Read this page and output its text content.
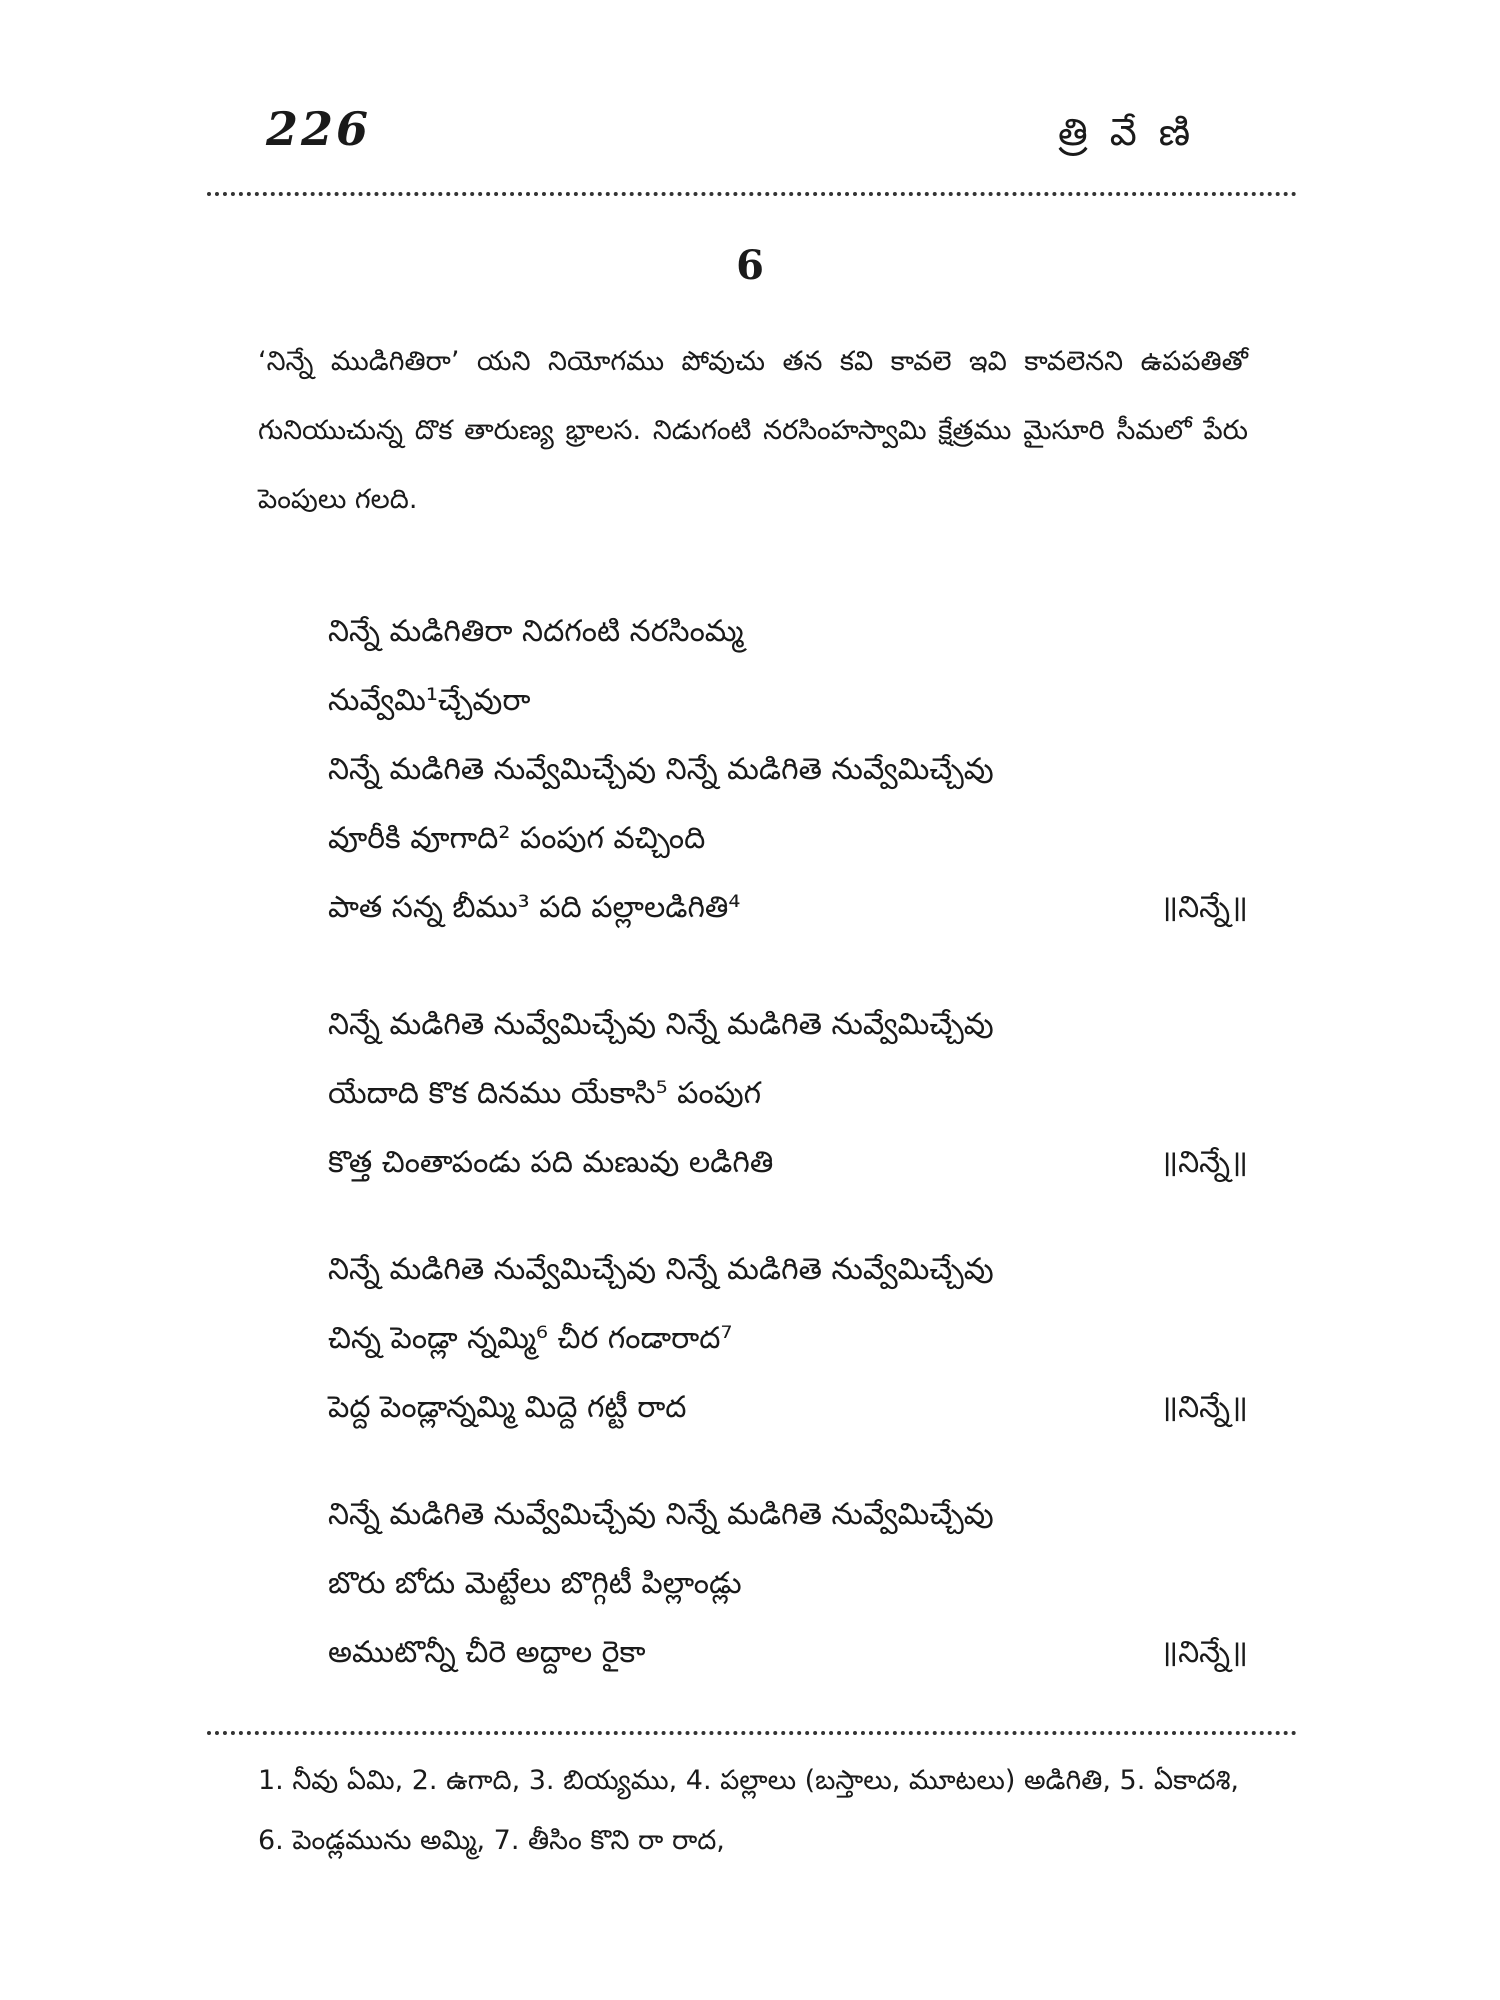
226	త్రివేణి
6

‘నిన్నే ముడిగితిరా’ యని నియోగము పోవుచు తన కవి కావలె ఇవి కావలెనని ఉపపతితో గునియుచున్న దొక తారుణ్య భ్రాలస. నిడుగంటి నరసింహస్వామి క్షేత్రము మైసూరి సీమలో పేరు పెంపులు గలది.

నిన్నే మడిగితిరా నిదగంటి నరసింమ్మ
నువ్వేమి¹చ్చేవురా
నిన్నే మడిగితె నువ్వేమిచ్చేవు నిన్నే మడిగితె నువ్వేమిచ్చేవు
వూరీకి వూగాది² పంపుగ వచ్చింది
పాత సన్న బీము³ పది పల్లాలడిగితి⁴	॥నిన్నే॥
నిన్నే మడిగితె నువ్వేమిచ్చేవు నిన్నే మడిగితె నువ్వేమిచ్చేవు
యేదాది కొక దినము యేకాసి⁵ పంపుగ
కొత్త చింతాపండు పది మణువు లడిగితి	॥నిన్నే॥
నిన్నే మడిగితె నువ్వేమిచ్చేవు నిన్నే మడిగితె నువ్వేమిచ్చేవు
చిన్న పెండ్లా న్నమ్మి⁶ చీర గండారాద⁷
పెద్ద పెండ్లాన్నమ్మి మిద్దె గట్టీ రాద	॥నిన్నే॥
నిన్నే మడిగితె నువ్వేమిచ్చేవు నిన్నే మడిగితె నువ్వేమిచ్చేవు
బొరు బోదు మెట్టేలు బొగ్గిటీ పిల్లాండ్లు
అముటొన్నీ చీరె అద్దాల రైకా	॥నిన్నే॥

1. నీవు ఏమి, 2. ఉగాది, 3. బియ్యము, 4. పల్లాలు (బస్తాలు, మూటలు) అడిగితి, 5. ఏకాదశి, 6. పెండ్లమును అమ్మి, 7. తీసిం కొని రా రాద,
